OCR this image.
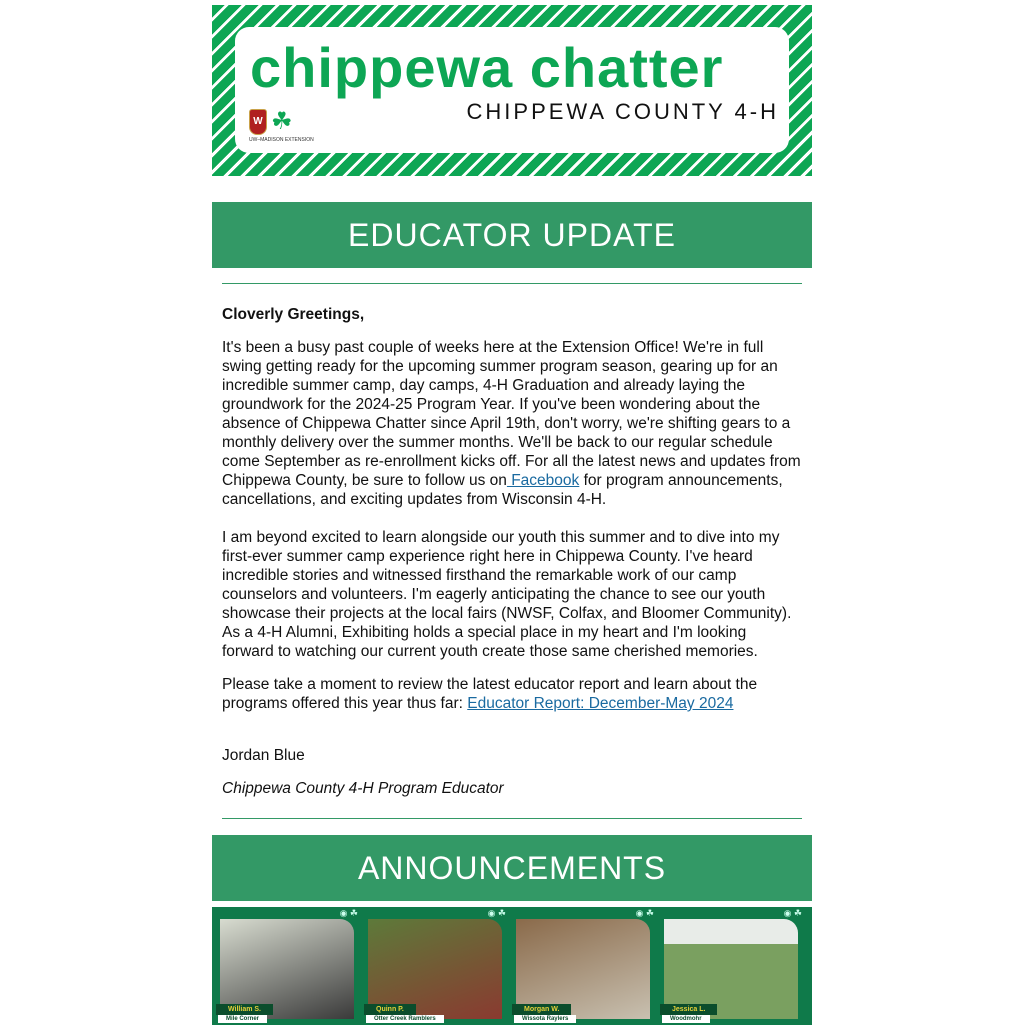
chippewa chatter
CHIPPEWA COUNTY 4-H
W ☘
UW–MADISON EXTENSION
EDUCATOR UPDATE

Cloverly Greetings,

It's been a busy past couple of weeks here at the Extension Office! We're in full swing getting ready for the upcoming summer program season, gearing up for an incredible summer camp, day camps, 4-H Graduation and already laying the groundwork for the 2024-25 Program Year. If you've been wondering about the absence of Chippewa Chatter since April 19th, don't worry, we're shifting gears to a monthly delivery over the summer months. We'll be back to our regular schedule come September as re-enrollment kicks off. For all the latest news and updates from Chippewa County, be sure to follow us on Facebook for program announcements, cancellations, and exciting updates from Wisconsin 4-H.

I am beyond excited to learn alongside our youth this summer and to dive into my first-ever summer camp experience right here in Chippewa County. I've heard incredible stories and witnessed firsthand the remarkable work of our camp counselors and volunteers. I'm eagerly anticipating the chance to see our youth showcase their projects at the local fairs (NWSF, Colfax, and Bloomer Community). As a 4-H Alumni, Exhibiting holds a special place in my heart and I'm looking forward to watching our current youth create those same cherished memories.

Please take a moment to review the latest educator report and learn about the programs offered this year thus far: Educator Report: December-May 2024

Jordan Blue

Chippewa County 4-H Program Educator

ANNOUNCEMENTS
◉ ☘
William S.
Mile Corner
◉ ☘
Quinn P.
Otter Creek Ramblers
◉ ☘
Morgan W.
Wissota Raylers
◉ ☘
Jessica L.
Woodmohr
